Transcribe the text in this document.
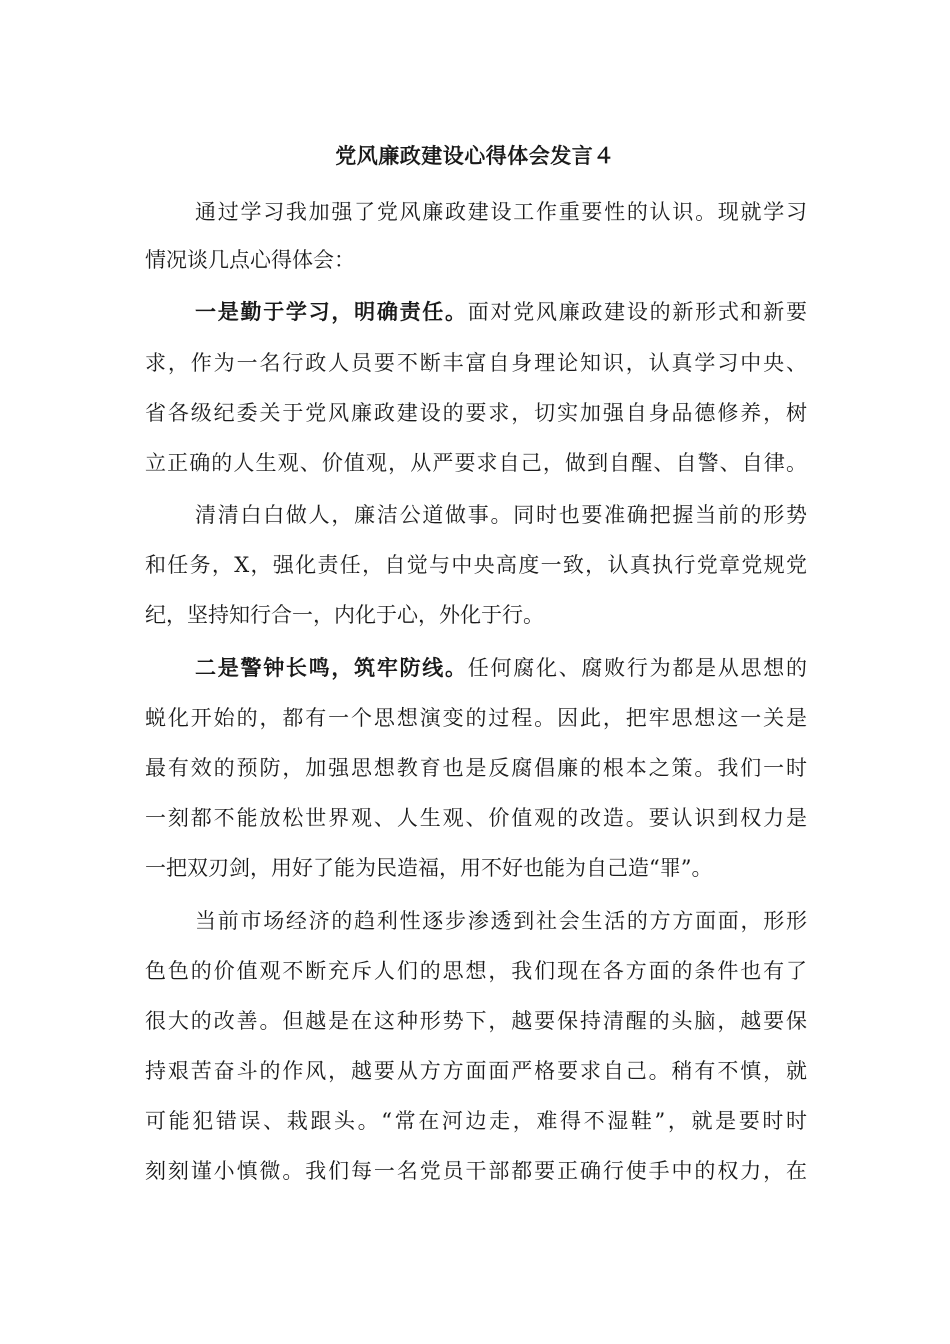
党风廉政建设心得体会发言４
通过学习我加强了党风廉政建设工作重要性的认识。现就学习
情况谈几点心得体会：
一是勤于学习，明确责任。面对党风廉政建设的新形式和新要
求，作为一名行政人员要不断丰富自身理论知识，认真学习中央、
省各级纪委关于党风廉政建设的要求，切实加强自身品德修养，树
立正确的人生观、价值观，从严要求自己，做到自醒、自警、自律。
清清白白做人，廉洁公道做事。同时也要准确把握当前的形势
和任务，X，强化责任，自觉与中央高度一致，认真执行党章党规党
纪，坚持知行合一，内化于心，外化于行。
二是警钟长鸣，筑牢防线。任何腐化、腐败行为都是从思想的
蜕化开始的，都有一个思想演变的过程。因此，把牢思想这一关是
最有效的预防，加强思想教育也是反腐倡廉的根本之策。我们一时
一刻都不能放松世界观、人生观、价值观的改造。要认识到权力是
一把双刃剑，用好了能为民造福，用不好也能为自己造“罪”。
当前市场经济的趋利性逐步渗透到社会生活的方方面面，形形
色色的价值观不断充斥人们的思想，我们现在各方面的条件也有了
很大的改善。但越是在这种形势下，越要保持清醒的头脑，越要保
持艰苦奋斗的作风，越要从方方面面严格要求自己。稍有不慎，就
可能犯错误、栽跟头。“常在河边走，难得不湿鞋”，就是要时时
刻刻谨小慎微。我们每一名党员干部都要正确行使手中的权力，在
